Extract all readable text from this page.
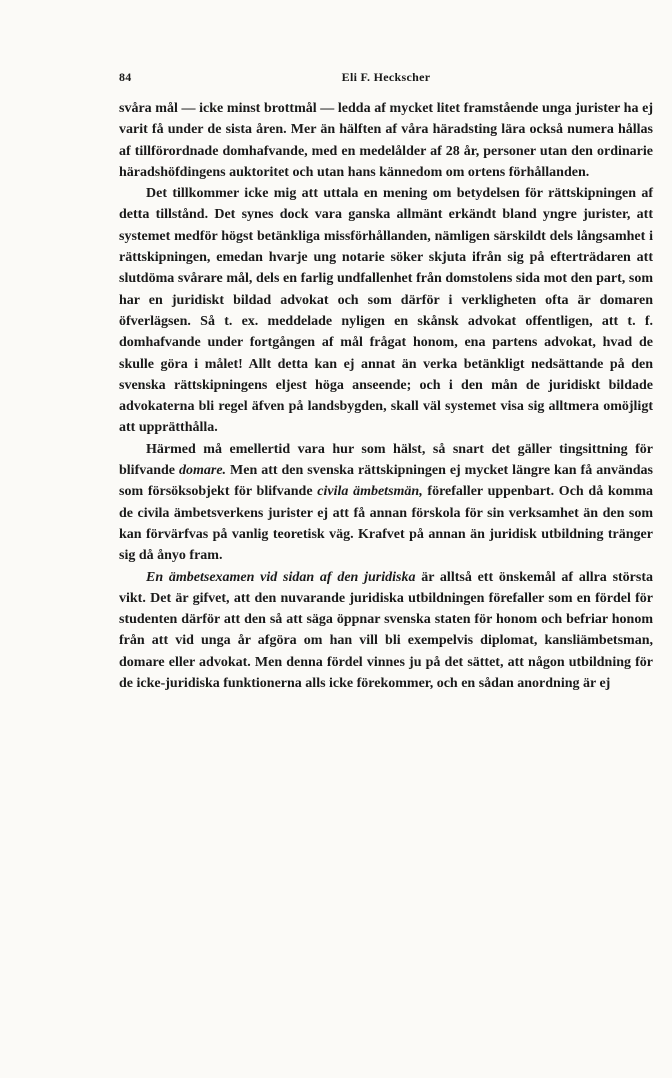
84	Eli F. Heckscher

svåra mål — icke minst brottmål — ledda af mycket litet framstående unga jurister ha ej varit få under de sista åren. Mer än hälften af våra häradsting lära också numera hållas af tillförordnade domhafvande, med en medelålder af 28 år, personer utan den ordinarie häradshöfdingens auktoritet och utan hans kännedom om ortens förhållanden.

Det tillkommer icke mig att uttala en mening om betydelsen för rättskipningen af detta tillstånd. Det synes dock vara ganska allmänt erkändt bland yngre jurister, att systemet medför högst betänkliga missförhållanden, nämligen särskildt dels långsamhet i rättskipningen, emedan hvarje ung notarie söker skjuta ifrån sig på efterträdaren att slutdöma svårare mål, dels en farlig undfallenhet från domstolens sida mot den part, som har en juridiskt bildad advokat och som därför i verkligheten ofta är domaren öfverlägsen. Så t. ex. meddelade nyligen en skånsk advokat offentligen, att t. f. domhafvande under fortgången af mål frågat honom, ena partens advokat, hvad de skulle göra i målet! Allt detta kan ej annat än verka betänkligt nedsättande på den svenska rättskipningens eljest höga anseende; och i den mån de juridiskt bildade advokaterna bli regel äfven på landsbygden, skall väl systemet visa sig alltmera omöjligt att upprätthålla.

Härmed må emellertid vara hur som hälst, så snart det gäller tingsittning för blifvande domare. Men att den svenska rättskipningen ej mycket längre kan få användas som försöksobjekt för blifvande civila ämbetsmän, förefaller uppenbart. Och då komma de civila ämbetsverkens jurister ej att få annan förskola för sin verksamhet än den som kan förvärfvas på vanlig teoretisk väg. Krafvet på annan än juridisk utbildning tränger sig då ånyo fram.

En ämbetsexamen vid sidan af den juridiska är alltså ett önskemål af allra största vikt. Det är gifvet, att den nuvarande juridiska utbildningen förefaller som en fördel för studenten därför att den så att säga öppnar svenska staten för honom och befriar honom från att vid unga år afgöra om han vill bli exempelvis diplomat, kansliämbetsman, domare eller advokat. Men denna fördel vinnes ju på det sättet, att någon utbildning för de icke-juridiska funktionerna alls icke förekommer, och en sådan anordning är ej
